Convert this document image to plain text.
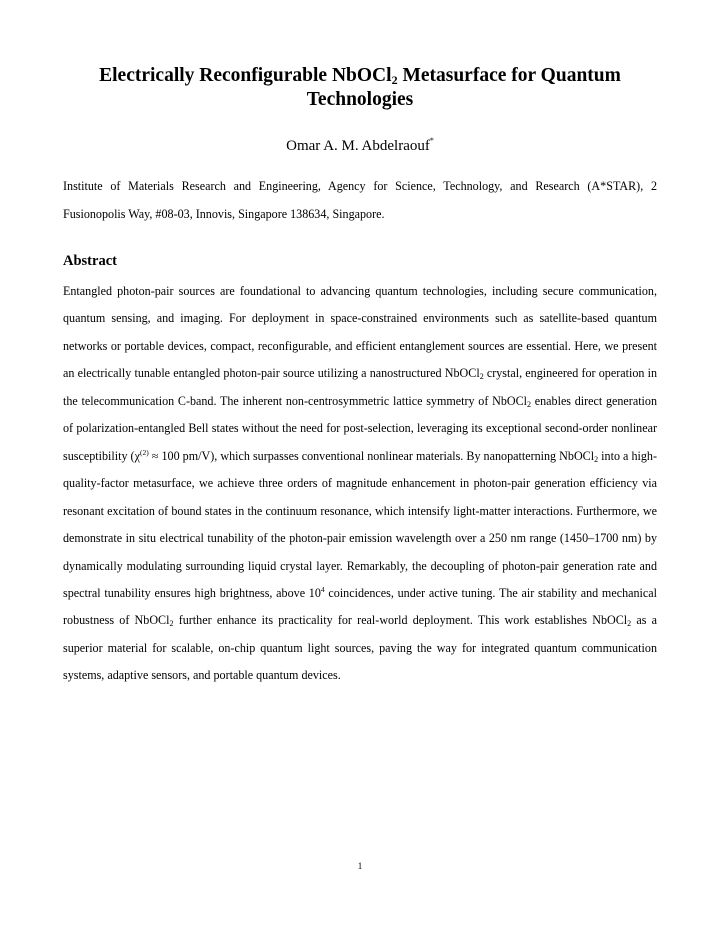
Electrically Reconfigurable NbOCl$_2$ Metasurface for Quantum Technologies
Omar A. M. Abdelraouf*

Institute of Materials Research and Engineering, Agency for Science, Technology, and Research (A*STAR), 2 Fusionopolis Way, #08-03, Innovis, Singapore 138634, Singapore.

Abstract

Entangled photon-pair sources are foundational to advancing quantum technologies, including secure communication, quantum sensing, and imaging. For deployment in space-constrained environments such as satellite-based quantum networks or portable devices, compact, reconfigurable, and efficient entanglement sources are essential. Here, we present an electrically tunable entangled photon-pair source utilizing a nanostructured NbOCl$_2$ crystal, engineered for operation in the telecommunication C-band. The inherent non-centrosymmetric lattice symmetry of NbOCl$_2$ enables direct generation of polarization-entangled Bell states without the need for post-selection, leveraging its exceptional second-order nonlinear susceptibility ($\chi^{(2)} \approx 100$ pm/V), which surpasses conventional nonlinear materials. By nanopatterning NbOCl$_2$ into a high-quality-factor metasurface, we achieve three orders of magnitude enhancement in photon-pair generation efficiency via resonant excitation of bound states in the continuum resonance, which intensify light-matter interactions. Furthermore, we demonstrate in situ electrical tunability of the photon-pair emission wavelength over a 250 nm range (1450–1700 nm) by dynamically modulating surrounding liquid crystal layer. Remarkably, the decoupling of photon-pair generation rate and spectral tunability ensures high brightness, above $10^4$ coincidences, under active tuning. The air stability and mechanical robustness of NbOCl$_2$ further enhance its practicality for real-world deployment. This work establishes NbOCl$_2$ as a superior material for scalable, on-chip quantum light sources, paving the way for integrated quantum communication systems, adaptive sensors, and portable quantum devices.

1
